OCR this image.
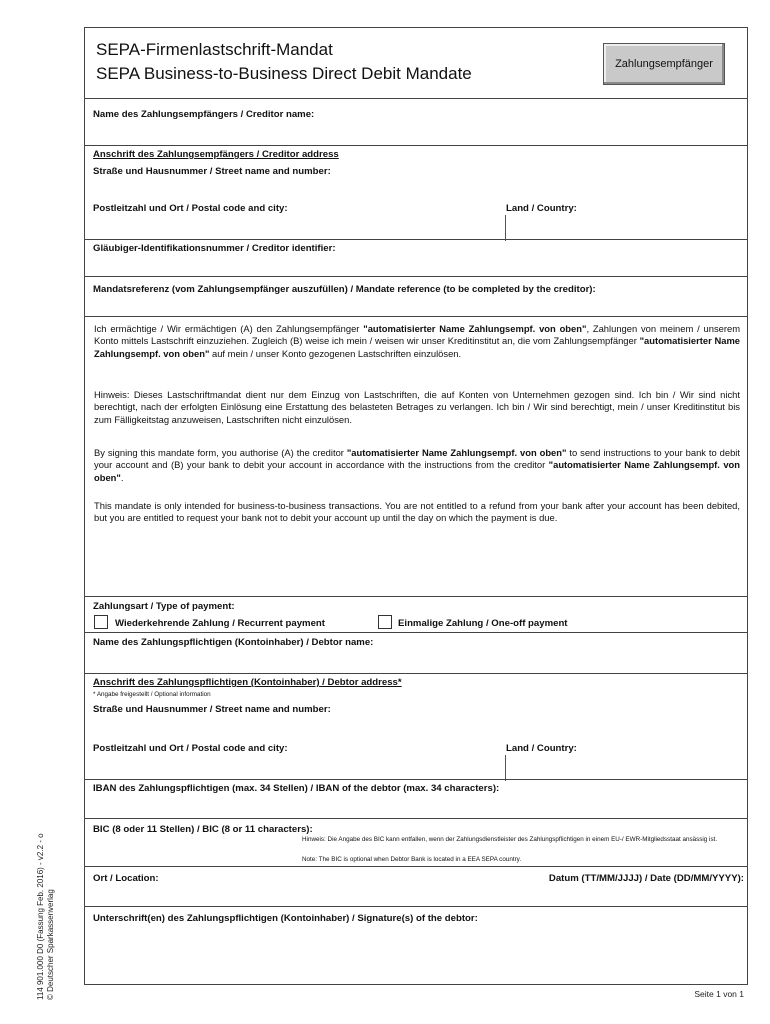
SEPA-Firmenlastschrift-Mandat
SEPA Business-to-Business Direct Debit Mandate	Zahlungsempfänger
Name des Zahlungsempfängers / Creditor name:
Anschrift des Zahlungsempfängers / Creditor address
Straße und Hausnummer / Street name and number:
Postleitzahl und Ort / Postal code and city:	Land / Country:
Gläubiger-Identifikationsnummer / Creditor identifier:
Mandatsreferenz (vom Zahlungsempfänger auszufüllen) / Mandate reference (to be completed by the creditor):
Ich ermächtige / Wir ermächtigen (A) den Zahlungsempfänger "automatisierter Name Zahlungsempf. von oben", Zahlungen von meinem / unserem Konto mittels Lastschrift einzuziehen. Zugleich (B) weise ich mein / weisen wir unser Kreditinstitut an, die vom Zahlungsempfänger "automatisierter Name Zahlungsempf. von oben" auf mein / unser Konto gezogenen Lastschriften einzulösen.
Hinweis: Dieses Lastschriftmandat dient nur dem Einzug von Lastschriften, die auf Konten von Unternehmen gezogen sind. Ich bin / Wir sind nicht berechtigt, nach der erfolgten Einlösung eine Erstattung des belasteten Betrages zu verlangen. Ich bin / Wir sind berechtigt, mein / unser Kreditinstitut bis zum Fälligkeitstag anzuweisen, Lastschriften nicht einzulösen.
By signing this mandate form, you authorise (A) the creditor "automatisierter Name Zahlungsempf. von oben" to send instructions to your bank to debit your account and (B) your bank to debit your account in accordance with the instructions from the creditor "automatisierter Name Zahlungsempf. von oben".
This mandate is only intended for business-to-business transactions. You are not entitled to a refund from your bank after your account has been debited, but you are entitled to request your bank not to debit your account up until the day on which the payment is due.
Zahlungsart / Type of payment:
Wiederkehrende Zahlung / Recurrent payment	Einmalige Zahlung / One-off payment
Name des Zahlungspflichtigen (Kontoinhaber) / Debtor name:
Anschrift des Zahlungspflichtigen (Kontoinhaber) / Debtor address*
* Angabe freigestellt / Optional information
Straße und Hausnummer / Street name and number:
Postleitzahl und Ort / Postal code and city:	Land / Country:
IBAN des Zahlungspflichtigen (max. 34 Stellen) / IBAN of the debtor (max. 34 characters):
BIC (8 oder 11 Stellen) / BIC (8 or 11 characters):
Hinweis: Die Angabe des BIC kann entfallen, wenn der Zahlungsdienstleister des Zahlungspflichtigen in einem EU-/ EWR-Mitgliedsstaat ansässig ist.
Note: The BIC is optional when Debtor Bank is located in a EEA SEPA country.
Ort / Location:	Datum (TT/MM/JJJJ) / Date (DD/MM/YYYY):
Unterschrift(en) des Zahlungspflichtigen (Kontoinhaber) / Signature(s) of the debtor:
114 901.000 D0 (Fassung Feb. 2016) - v2.2 - o © Deutscher Sparkassenverlag	Seite 1 von 1
